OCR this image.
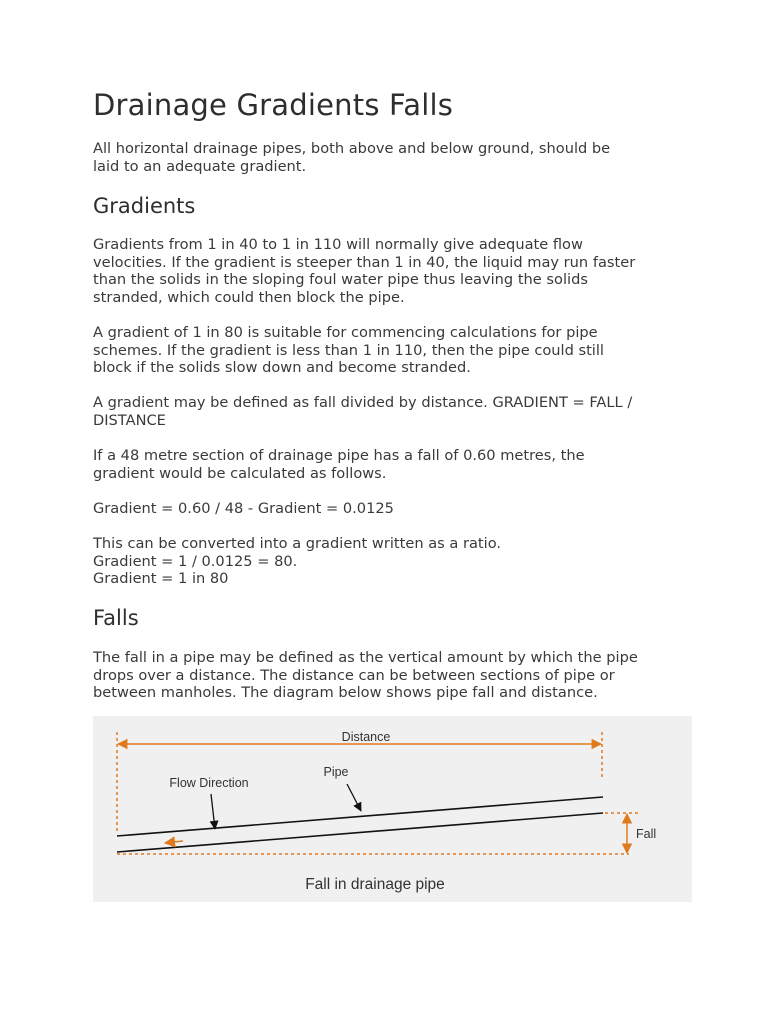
Drainage Gradients Falls

All horizontal drainage pipes, both above and below ground, should be
laid to an adequate gradient.

Gradients

Gradients from 1 in 40 to 1 in 110 will normally give adequate flow
velocities. If the gradient is steeper than 1 in 40, the liquid may run faster
than the solids in the sloping foul water pipe thus leaving the solids
stranded, which could then block the pipe.

A gradient of 1 in 80 is suitable for commencing calculations for pipe
schemes. If the gradient is less than 1 in 110, then the pipe could still
block if the solids slow down and become stranded.

A gradient may be defined as fall divided by distance. GRADIENT = FALL /
DISTANCE

If a 48 metre section of drainage pipe has a fall of 0.60 metres, the
gradient would be calculated as follows.

Gradient = 0.60 / 48 - Gradient = 0.0125

This can be converted into a gradient written as a ratio.
Gradient = 1 / 0.0125 = 80.
Gradient = 1 in 80

Falls

The fall in a pipe may be defined as the vertical amount by which the pipe
drops over a distance. The distance can be between sections of pipe or
between manholes. The diagram below shows pipe fall and distance.

Distance
Pipe
Flow Direction
Fall
Fall in drainage pipe
